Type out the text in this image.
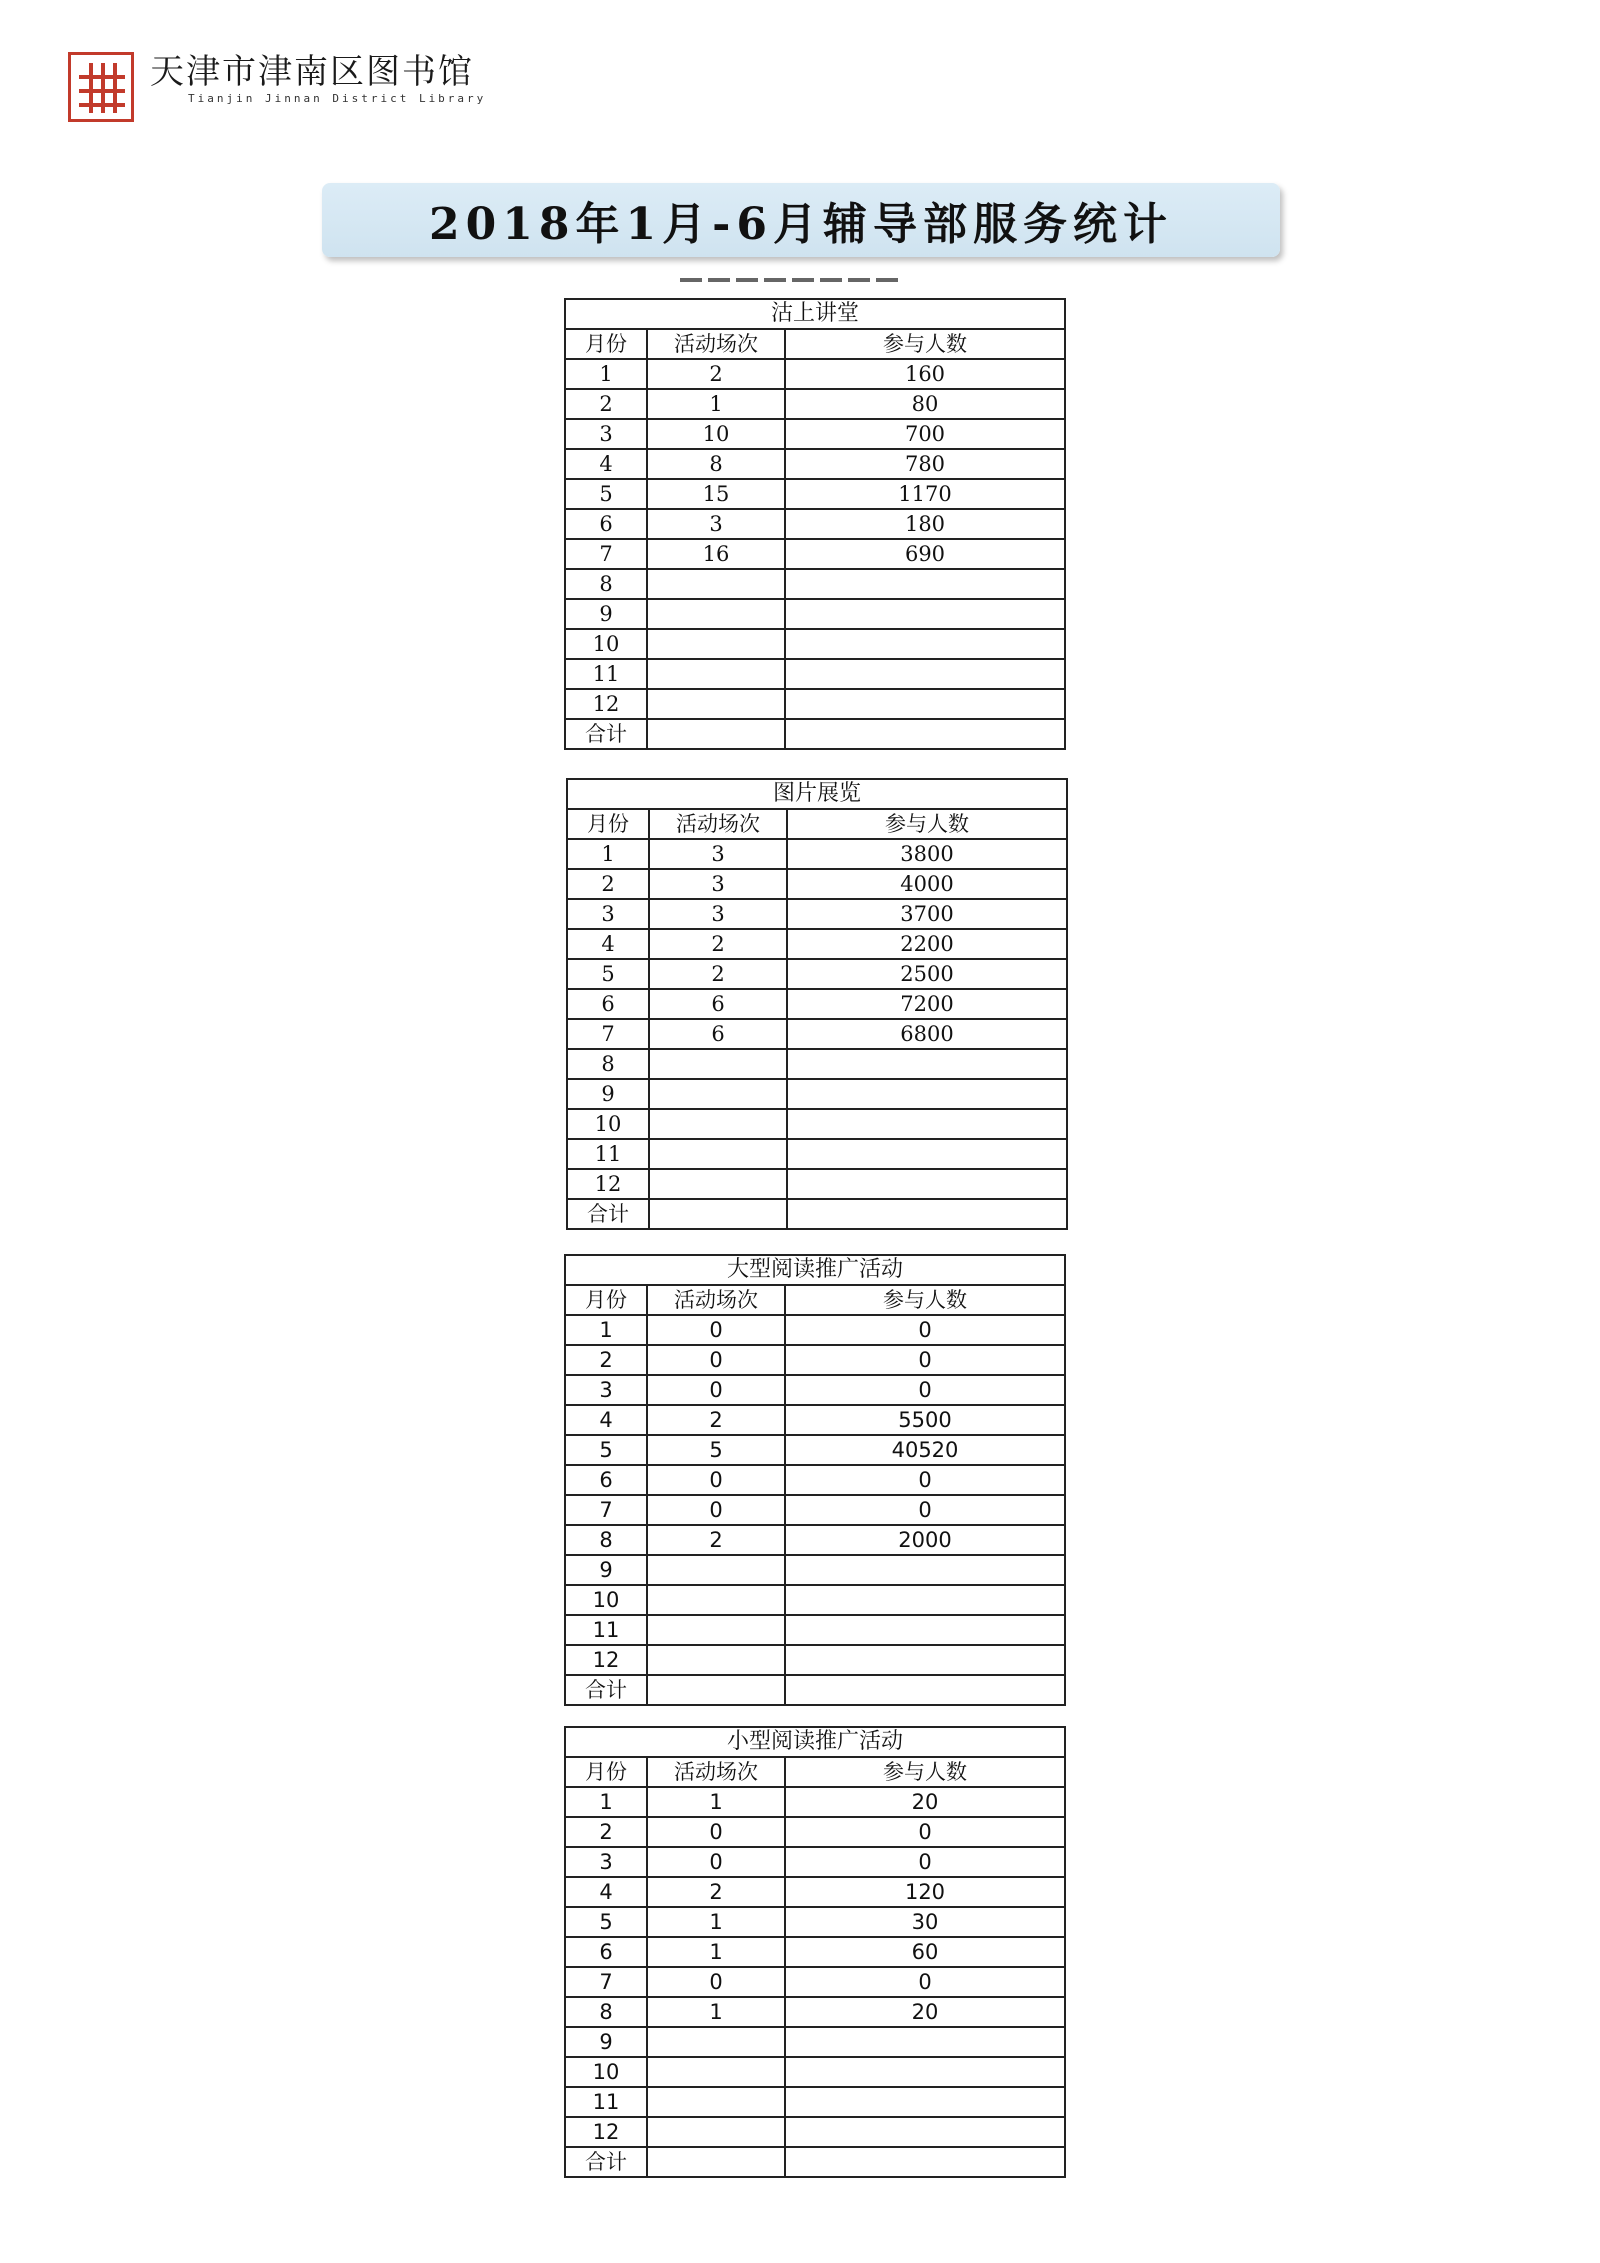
天津市津南区图书馆
Tianjin Jinnan District Library
2018年1月-6月辅导部服务统计
沽上讲堂		
月份	活动场次	参与人数
1	2	160
2	1	80
3	10	700
4	8	780
5	15	1170
6	3	180
7	16	690
8		
9		
10		
11		
12		
合计		
图片展览		
月份	活动场次	参与人数
1	3	3800
2	3	4000
3	3	3700
4	2	2200
5	2	2500
6	6	7200
7	6	6800
8		
9		
10		
11		
12		
合计		
大型阅读推广活动		
月份	活动场次	参与人数
1	0	0
2	0	0
3	0	0
4	2	5500
5	5	40520
6	0	0
7	0	0
8	2	2000
9		
10		
11		
12		
合计		
小型阅读推广活动		
月份	活动场次	参与人数
1	1	20
2	0	0
3	0	0
4	2	120
5	1	30
6	1	60
7	0	0
8	1	20
9		
10		
11		
12		
合计		
